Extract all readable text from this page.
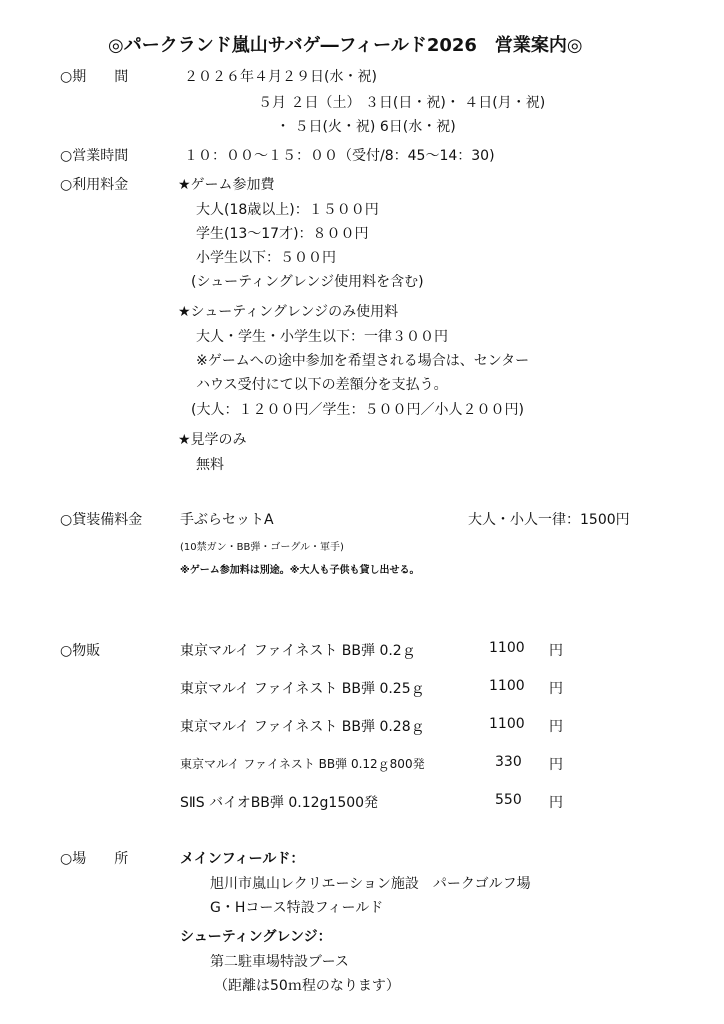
◎パークランド嵐山サバゲ―フィールド2026　営業案内◎
○期　　間	２０２６年４月２９日(水・祝)
５月 ２日（土） ３日(日・祝)・ ４日(月・祝)
・ ５日(火・祝) 6日(水・祝)
○営業時間	１０：００～１５：００（受付/8：45～14：30)
○利用料金	★ゲーム参加費
大人(18歳以上)：１５００円
学生(13～17才)：８００円
小学生以下：５００円
(シューティングレンジ使用料を含む)
★シューティングレンジのみ使用料
大人・学生・小学生以下：一律３００円
※ゲームへの途中参加を希望される場合は、センター
ハウス受付にて以下の差額分を支払う。
(大人：１２００円／学生：５００円／小人２００円)
★見学のみ
無料
○貸装備料金	手ぶらセットA	大人・小人一律：1500円
(10禁ガン・BB弾・ゴーグル・軍手)
※ゲーム参加料は別途。※大人も子供も貸し出せる。
○物販	東京マルイ ファイネスト BB弾 0.2ｇ	1100 円
東京マルイ ファイネスト BB弾 0.25ｇ	1100 円
東京マルイ ファイネスト BB弾 0.28ｇ	1100 円
東京マルイ ファイネスト BB弾 0.12ｇ800発	330 円
SⅡS バイオBB弾 0.12g1500発	550 円
○場　　所	メインフィールド：
旭川市嵐山レクリエーション施設　パークゴルフ場
G・Hコース特設フィールド
シューティングレンジ：
第二駐車場特設ブース
（距離は50ｍ程のなります）
